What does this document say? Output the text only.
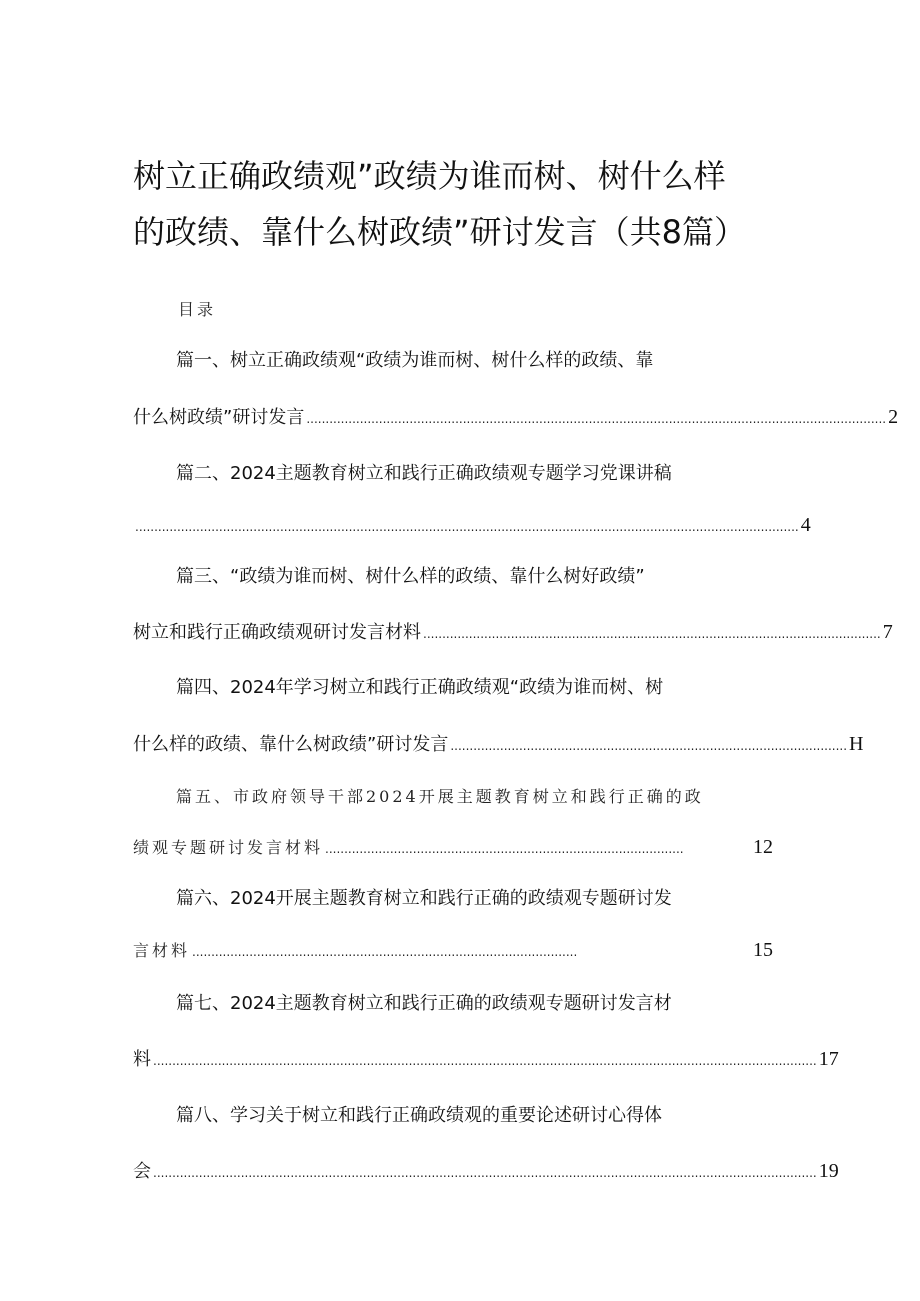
树立正确政绩观”政绩为谁而树、树什么样
的政绩、靠什么树政绩”研讨发言（共8篇）
目录
篇一、树立正确政绩观“政绩为谁而树、树什么样的政绩、靠
什么树政绩”研讨发言 ........................................................................................................................................................ 2
篇二、2024主题教育树立和践行正确政绩观专题学习党课讲稿
.............................................................................................................................................................................. 4
篇三、“政绩为谁而树、树什么样的政绩、靠什么树好政绩”
树立和践行正确政绩观研讨发言材料 ........................................................................................................................ 7
篇四、2024年学习树立和践行正确政绩观“政绩为谁而树、树
什么样的政绩、靠什么树政绩”研讨发言 ........................................................................................................ H
篇五、市政府领导干部2024开展主题教育树立和践行正确的政
绩观专题研讨发言材料 ..............................................................................................	12
篇六、2024开展主题教育树立和践行正确的政绩观专题研讨发
言材料 .....................................................................................................	15
篇七、2024主题教育树立和践行正确的政绩观专题研讨发言材
料 .............................................................................................................................................................................. 17
篇八、学习关于树立和践行正确政绩观的重要论述研讨心得体
会 .............................................................................................................................................................................. 19
